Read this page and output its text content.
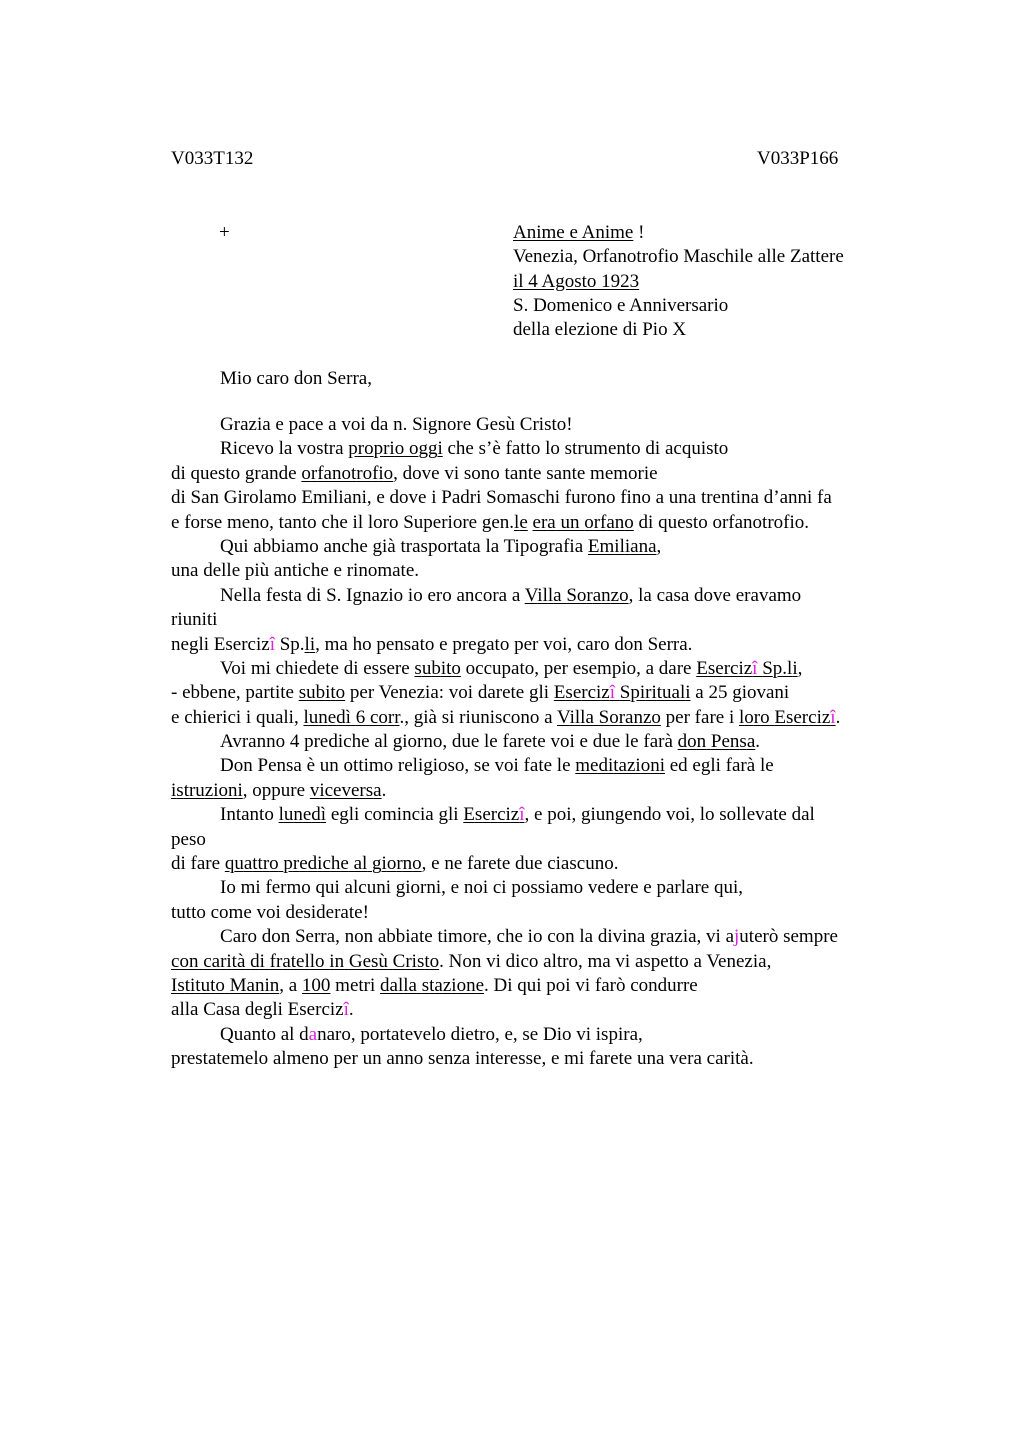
V033T132	V033P166
+	Anime e Anime !
Venezia, Orfanotrofio Maschile alle Zattere
il 4 Agosto 1923
S. Domenico e Anniversario
della elezione di Pio X
Mio caro don Serra,
Grazia e pace a voi da n. Signore Gesù Cristo!
Ricevo la vostra proprio oggi che s’è fatto lo strumento di acquisto
di questo grande orfanotrofio, dove vi sono tante sante memorie
di San Girolamo Emiliani, e dove i Padri Somaschi furono fino a una trentina d’anni fa
e forse meno, tanto che il loro Superiore gen.le era un orfano di questo orfanotrofio.
Qui abbiamo anche già trasportata la Tipografia Emiliana,
una delle più antiche e rinomate.
Nella festa di S. Ignazio io ero ancora a Villa Soranzo, la casa dove eravamo
riuniti
negli Esercizî Sp.li, ma ho pensato e pregato per voi, caro don Serra.
Voi mi chiedete di essere subito occupato, per esempio, a dare Esercizî Sp.li,
- ebbene, partite subito per Venezia: voi darete gli Esercizî Spirituali a 25 giovani
e chierici i quali, lunedì 6 corr., già si riuniscono a Villa Soranzo per fare i loro Esercizî.
Avranno 4 prediche al giorno, due le farete voi e due le farà don Pensa.
Don Pensa è un ottimo religioso, se voi fate le meditazioni ed egli farà le
istruzioni, oppure viceversa.
Intanto lunedì egli comincia gli Esercizî, e poi, giungendo voi, lo sollevate dal
peso
di fare quattro prediche al giorno, e ne farete due ciascuno.
Io mi fermo qui alcuni giorni, e noi ci possiamo vedere e parlare qui,
tutto come voi desiderate!
Caro don Serra, non abbiate timore, che io con la divina grazia, vi ajuterò sempre
con carità di fratello in Gesù Cristo. Non vi dico altro, ma vi aspetto a Venezia,
Istituto Manin, a 100 metri dalla stazione. Di qui poi vi farò condurre
alla Casa degli Esercizî.
Quanto al danaro, portatevelo dietro, e, se Dio vi ispira,
prestatemelo almeno per un anno senza interesse, e mi farete una vera carità.
